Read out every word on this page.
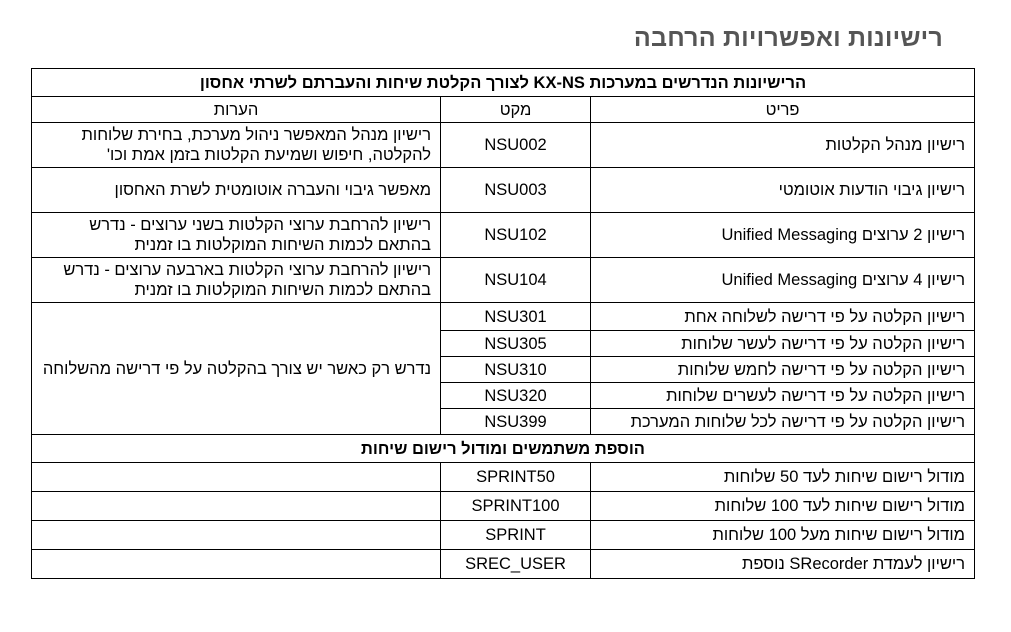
רישיונות ואפשרויות הרחבה
הרישיונות הנדרשים במערכות KX-NS לצורך הקלטת שיחות והעברתם לשרתי אחסון		
פריט	מקט	הערות
רישיון מנהל הקלטות	NSU002	רישיון מנהל המאפשר ניהול מערכת, בחירת שלוחות להקלטה, חיפוש ושמיעת הקלטות בזמן אמת וכו'
רישיון גיבוי הודעות אוטומטי	NSU003	מאפשר גיבוי והעברה אוטומטית לשרת האחסון
רישיון 2 ערוצים Unified Messaging	NSU102	רישיון להרחבת ערוצי הקלטות בשני ערוצים - נדרש בהתאם לכמות השיחות המוקלטות בו זמנית
רישיון 4 ערוצים Unified Messaging	NSU104	רישיון להרחבת ערוצי הקלטות בארבעה ערוצים - נדרש בהתאם לכמות השיחות המוקלטות בו זמנית
רישיון הקלטה על פי דרישה לשלוחה אחת	NSU301	נדרש רק כאשר יש צורך בהקלטה על פי דרישה מהשלוחה
רישיון הקלטה על פי דרישה לעשר שלוחות	NSU305	
רישיון הקלטה על פי דרישה לחמש שלוחות	NSU310	
רישיון הקלטה על פי דרישה לעשרים שלוחות	NSU320	
רישיון הקלטה על פי דרישה לכל שלוחות המערכת	NSU399	
הוספת משתמשים ומודול רישום שיחות		
מודול רישום שיחות לעד 50 שלוחות	SPRINT50	
מודול רישום שיחות לעד 100 שלוחות	SPRINT100	
מודול רישום שיחות מעל 100 שלוחות	SPRINT	
רישיון לעמדת SRecorder נוספת	SREC_USER	
